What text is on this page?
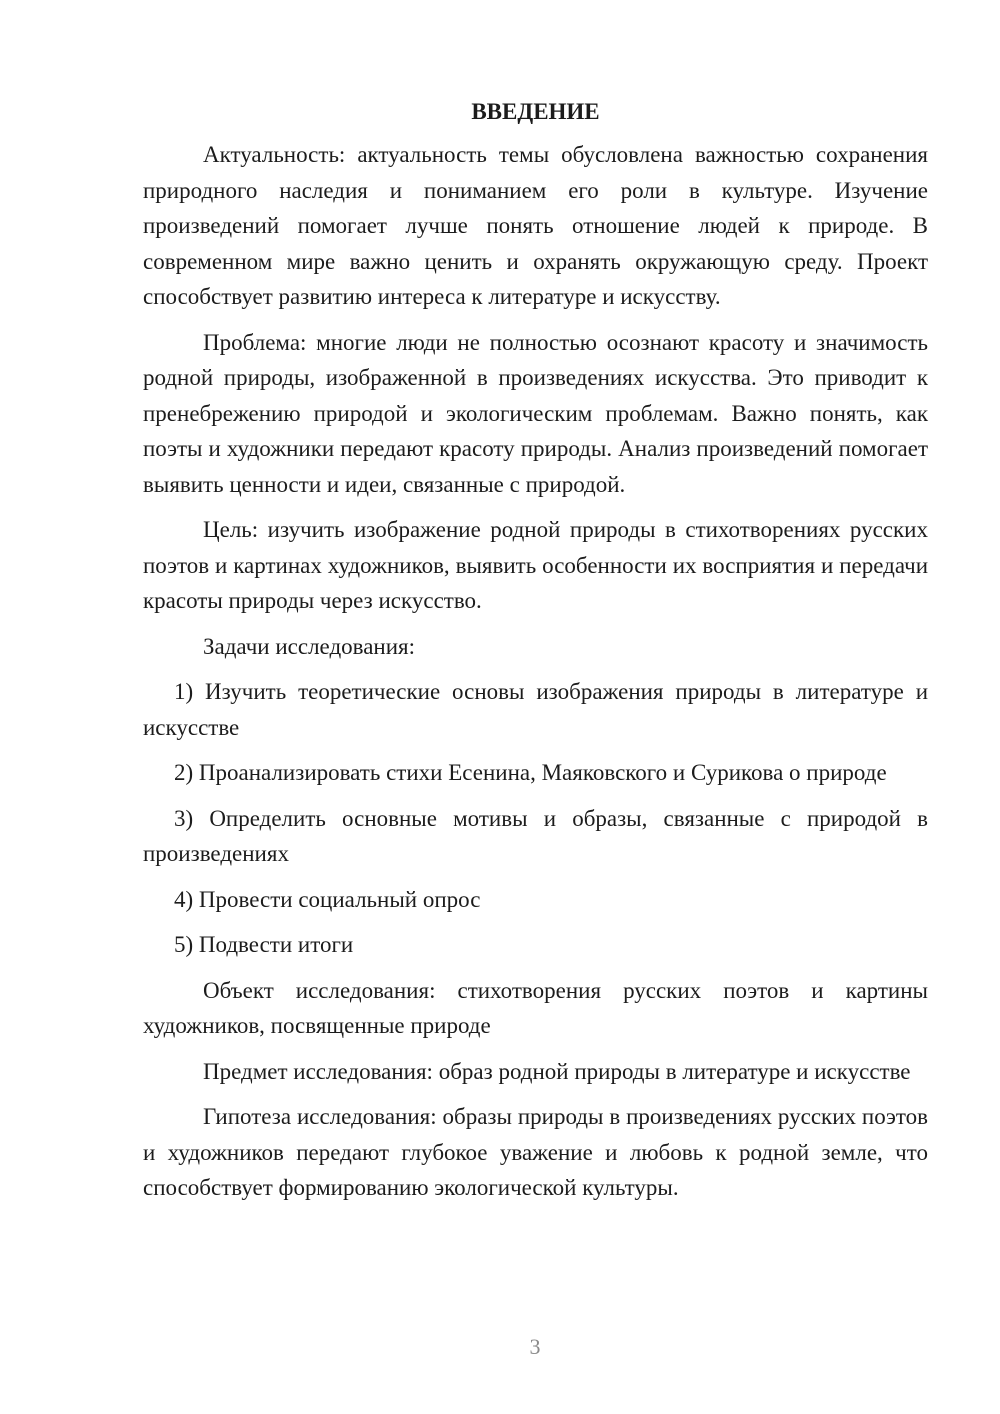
ВВЕДЕНИЕ

Актуальность: актуальность темы обусловлена важностью сохранения природного наследия и пониманием его роли в культуре. Изучение произведений помогает лучше понять отношение людей к природе. В современном мире важно ценить и охранять окружающую среду. Проект способствует развитию интереса к литературе и искусству.

Проблема: многие люди не полностью осознают красоту и значимость родной природы, изображенной в произведениях искусства. Это приводит к пренебрежению природой и экологическим проблемам. Важно понять, как поэты и художники передают красоту природы. Анализ произведений помогает выявить ценности и идеи, связанные с природой.

Цель: изучить изображение родной природы в стихотворениях русских поэтов и картинах художников, выявить особенности их восприятия и передачи красоты природы через искусство.

Задачи исследования:

1) Изучить теоретические основы изображения природы в литературе и искусстве

2) Проанализировать стихи Есенина, Маяковского и Сурикова о природе

3) Определить основные мотивы и образы, связанные с природой в произведениях

4) Провести социальный опрос

5) Подвести итоги

Объект исследования: стихотворения русских поэтов и картины художников, посвященные природе

Предмет исследования: образ родной природы в литературе и искусстве

Гипотеза исследования: образы природы в произведениях русских поэтов и художников передают глубокое уважение и любовь к родной земле, что способствует формированию экологической культуры.

3
